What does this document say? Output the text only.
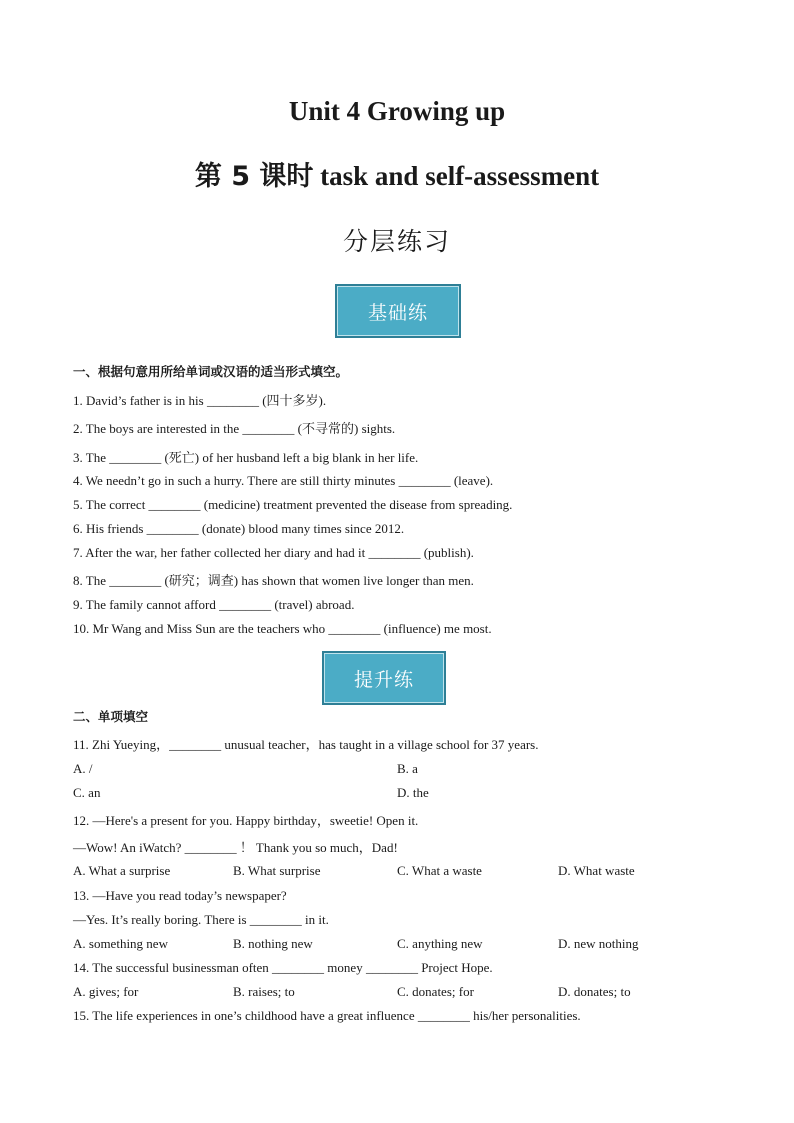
Unit 4 Growing up
第 5 课时 task and self-assessment
分层练习
基础练
一、根据句意用所给单词或汉语的适当形式填空。
1. David’s father is in his ________ (四十多岁).
2. The boys are interested in the ________ (不寻常的) sights.
3. The ________ (死亡) of her husband left a big blank in her life.
4. We needn’t go in such a hurry. There are still thirty minutes ________ (leave).
5. The correct ________ (medicine) treatment prevented the disease from spreading.
6. His friends ________ (donate) blood many times since 2012.
7. After the war, her father collected her diary and had it ________ (publish).
8. The ________ (研究；调查) has shown that women live longer than men.
9. The family cannot afford ________ (travel) abroad.
10. Mr Wang and Miss Sun are the teachers who ________ (influence) me most.
提升练
二、单项填空
11. Zhi Yueying，________ unusual teacher，has taught in a village school for 37 years.
A. /	B. a
C. an	D. the
12. —Here's a present for you. Happy birthday，sweetie! Open it.
—Wow! An iWatch? ________ ！ Thank you so much，Dad!
A. What a surprise	B. What surprise	C. What a waste	D. What waste
13. —Have you read today’s newspaper?
—Yes. It’s really boring. There is ________ in it.
A. something new	B. nothing new	C. anything new	D. new nothing
14. The successful businessman often ________ money ________ Project Hope.
A. gives; for	B. raises; to	C. donates; for	D. donates; to
15. The life experiences in one’s childhood have a great influence ________ his/her personalities.
